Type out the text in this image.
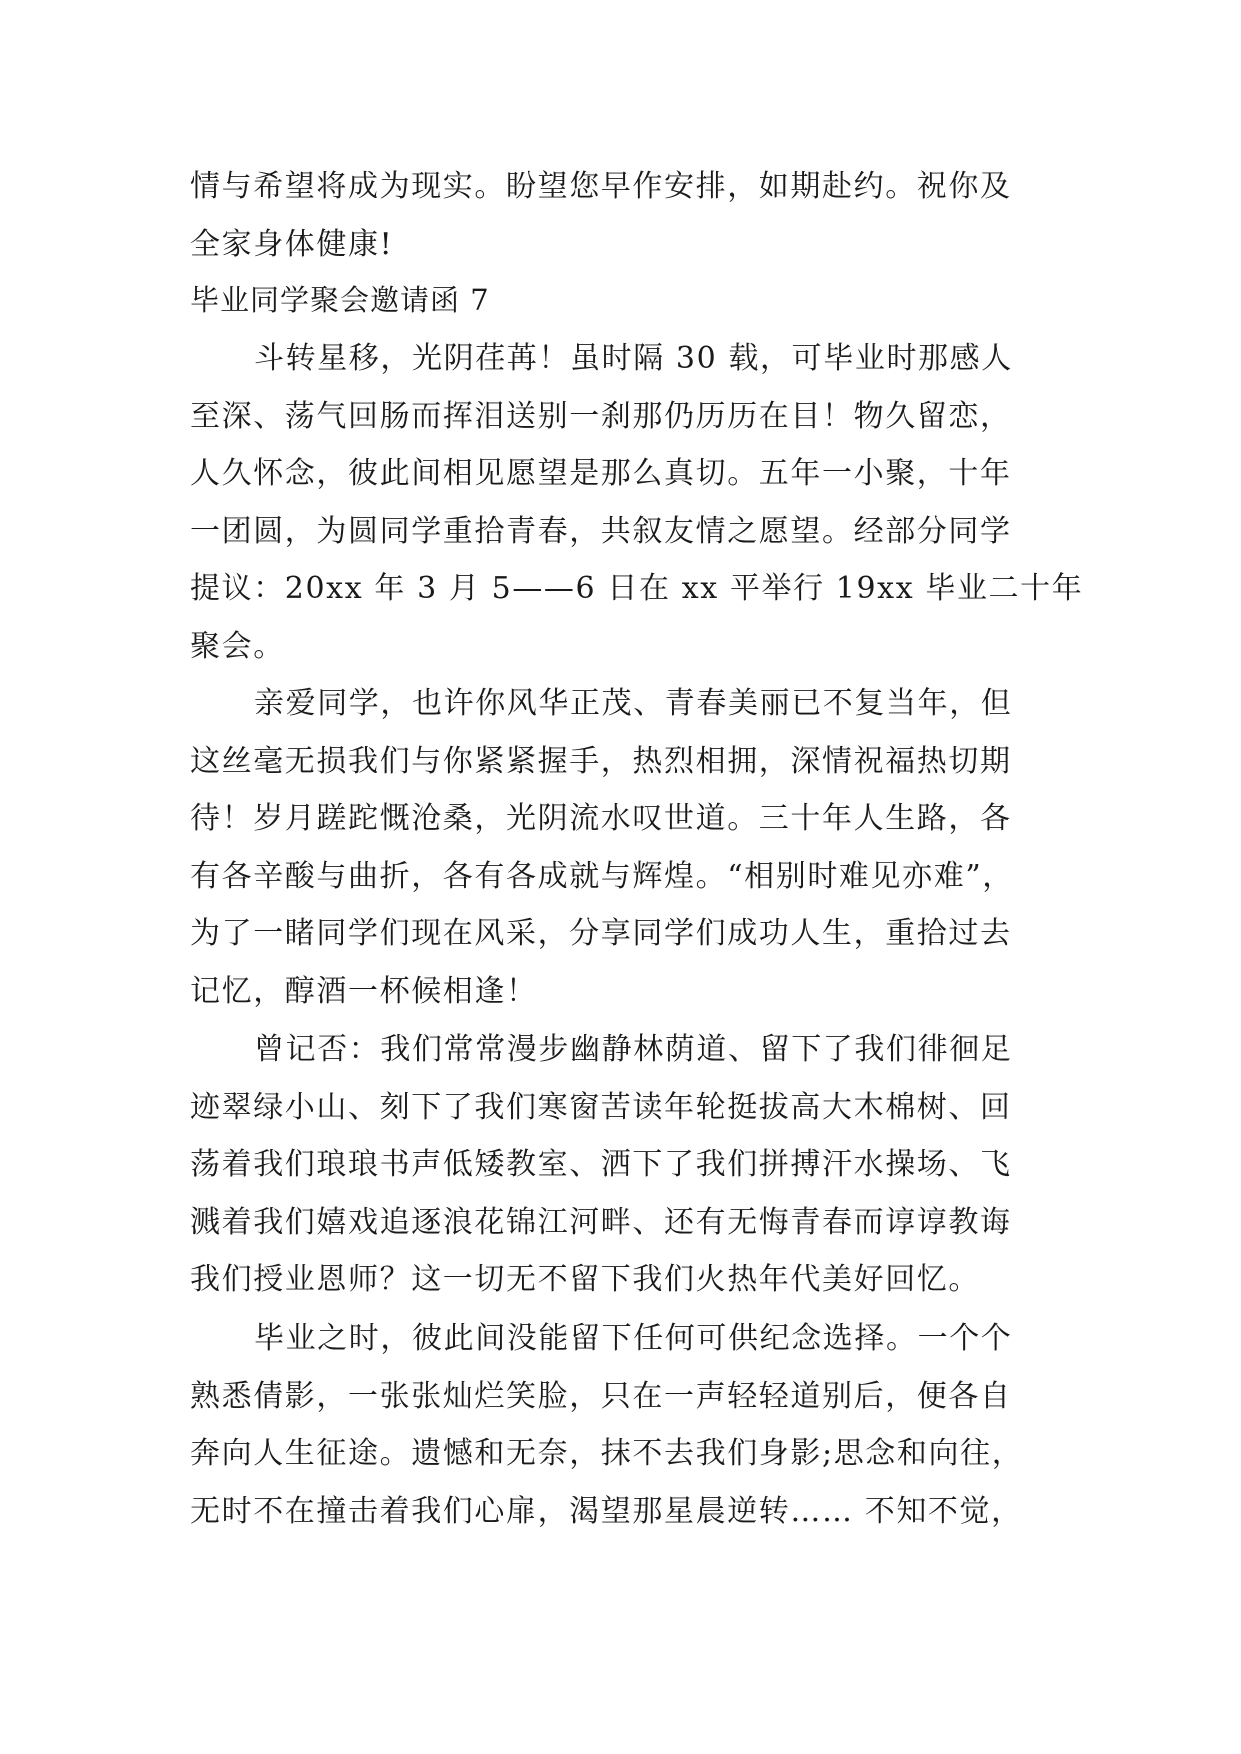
情与希望将成为现实。盼望您早作安排，如期赴约。祝你及
全家身体健康!
毕业同学聚会邀请函 7
斗转星移，光阴荏苒！虽时隔 30 载，可毕业时那感人
至深、荡气回肠而挥泪送别一刹那仍历历在目！物久留恋，
人久怀念，彼此间相见愿望是那么真切。五年一小聚，十年
一团圆，为圆同学重拾青春，共叙友情之愿望。经部分同学
提议：20xx 年 3 月 5——6 日在 xx 平举行 19xx 毕业二十年
聚会。
亲爱同学，也许你风华正茂、青春美丽已不复当年，但
这丝毫无损我们与你紧紧握手，热烈相拥，深情祝福热切期
待！岁月蹉跎慨沧桑，光阴流水叹世道。三十年人生路，各
有各辛酸与曲折，各有各成就与辉煌。“相别时难见亦难”，
为了一睹同学们现在风采，分享同学们成功人生，重拾过去
记忆，醇酒一杯候相逢！
曾记否：我们常常漫步幽静林荫道、留下了我们徘徊足
迹翠绿小山、刻下了我们寒窗苦读年轮挺拔高大木棉树、回
荡着我们琅琅书声低矮教室、洒下了我们拼搏汗水操场、飞
溅着我们嬉戏追逐浪花锦江河畔、还有无悔青春而谆谆教诲
我们授业恩师？这一切无不留下我们火热年代美好回忆。
毕业之时，彼此间没能留下任何可供纪念选择。一个个
熟悉倩影，一张张灿烂笑脸，只在一声轻轻道别后，便各自
奔向人生征途。遗憾和无奈，抹不去我们身影;思念和向往，
无时不在撞击着我们心扉，渴望那星晨逆转…… 不知不觉，
